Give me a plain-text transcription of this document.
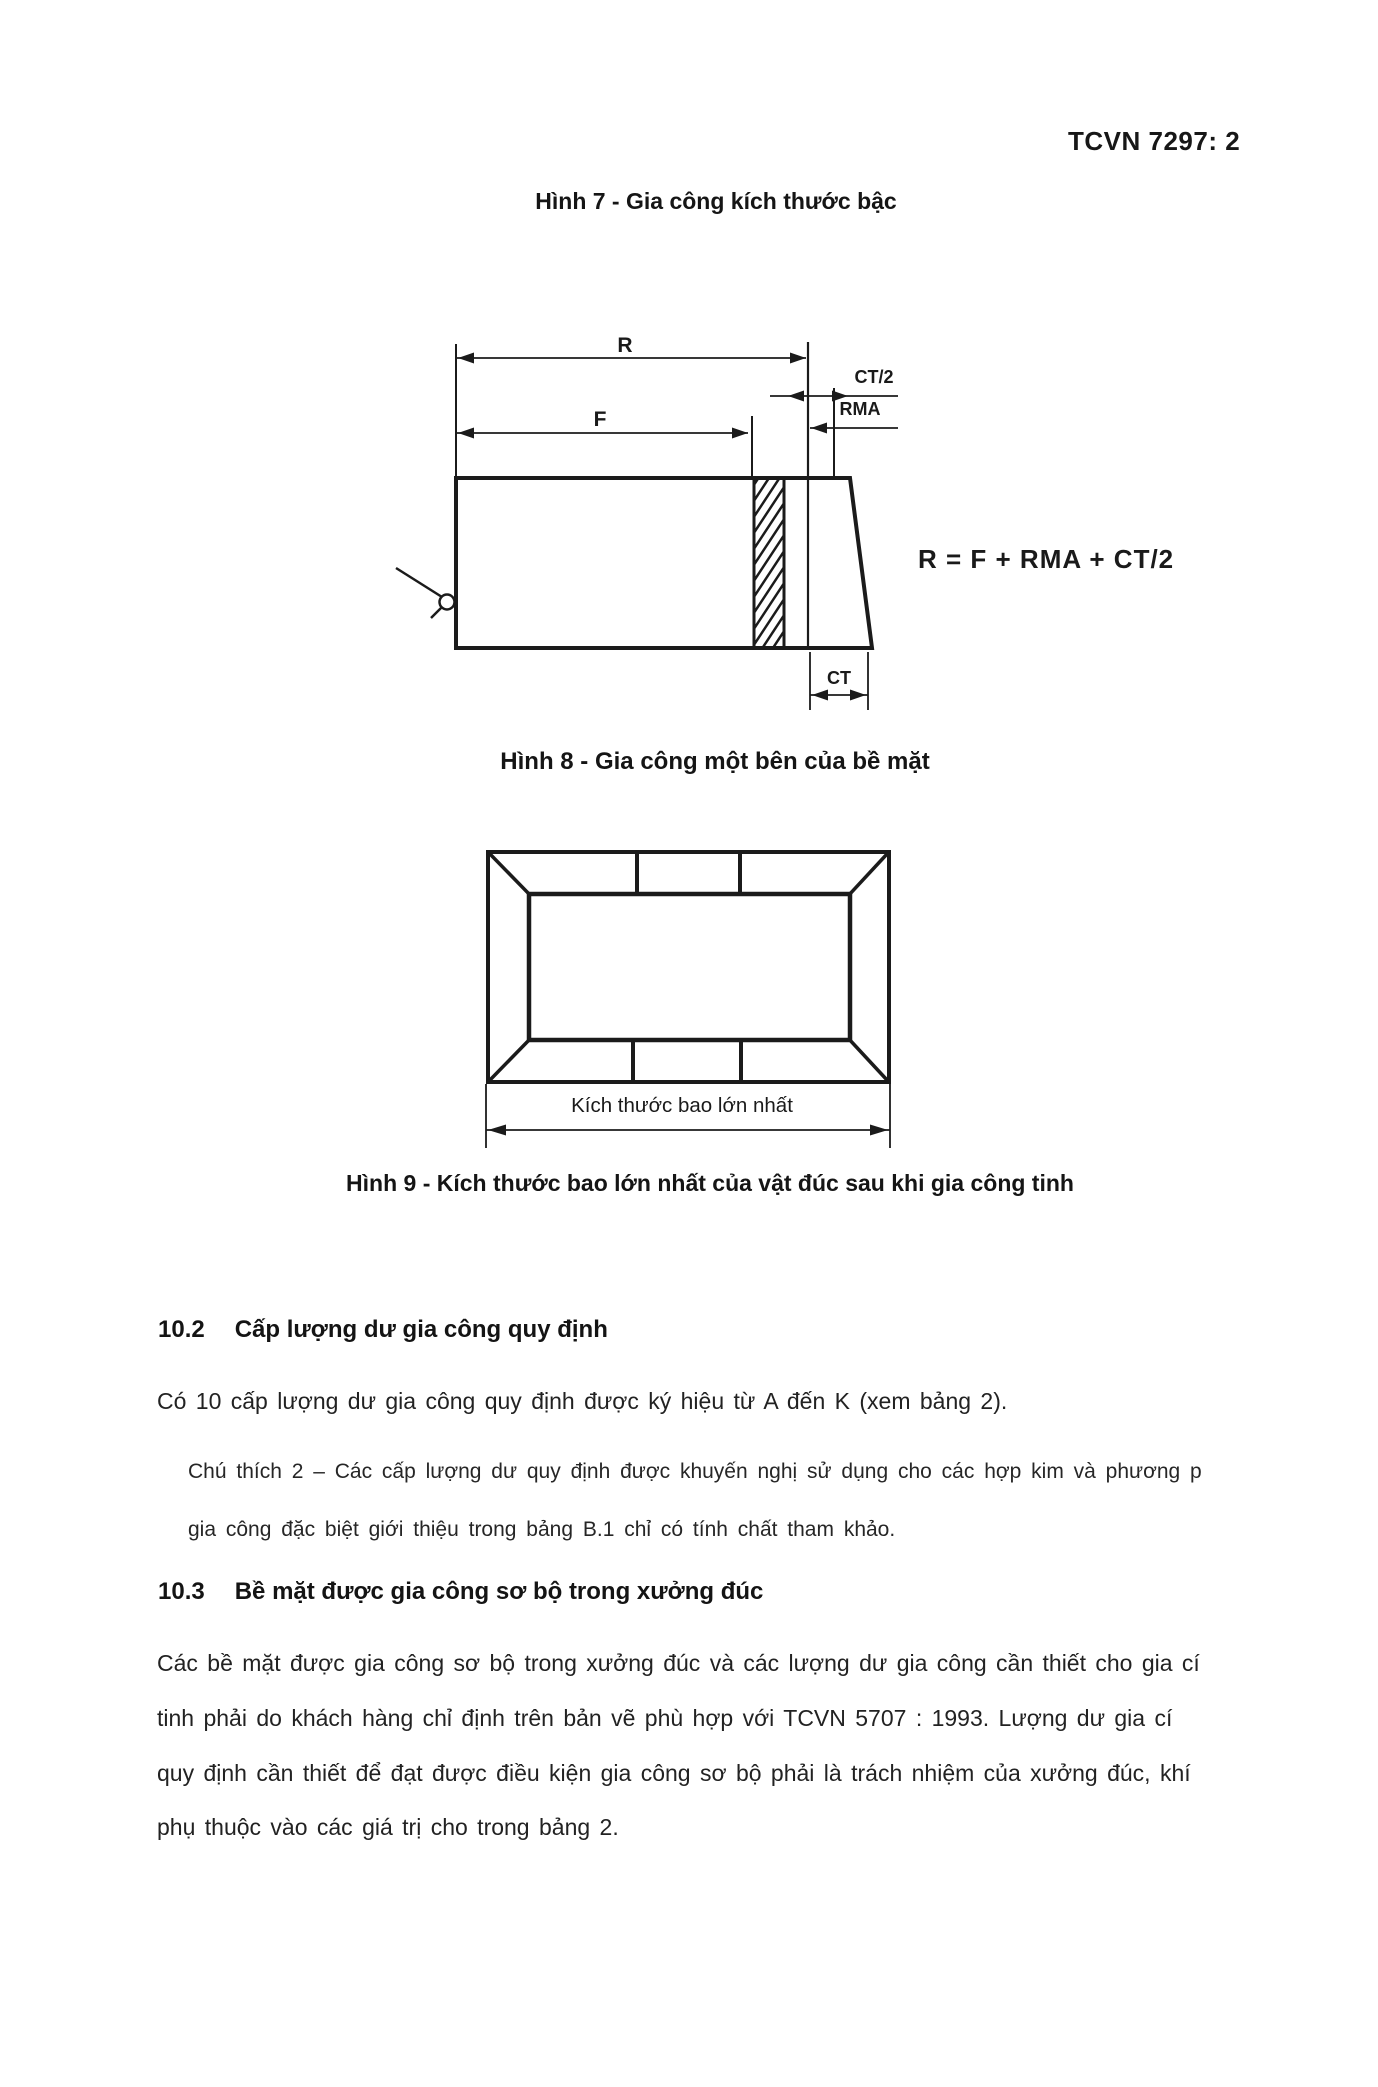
TCVN 7297: 2
Hình 7 - Gia công kích thước bậc
R
CT/2
F	RMA
CT
R = F + RMA + CT/2
Hình 8 - Gia công một bên của bề mặt
Kích thước bao lớn nhất
Hình 9 - Kích thước bao lớn nhất của vật đúc sau khi gia công tinh
10.2 Cấp lượng dư gia công quy định
Có 10 cấp lượng dư gia công quy định được ký hiệu từ A đến K (xem bảng 2).
Chú thích 2 – Các cấp lượng dư quy định được khuyến nghị sử dụng cho các hợp kim và phương p
gia công đặc biệt giới thiệu trong bảng B.1 chỉ có tính chất tham khảo.
10.3 Bề mặt được gia công sơ bộ trong xưởng đúc
Các bề mặt được gia công sơ bộ trong xưởng đúc và các lượng dư gia công cần thiết cho gia cí
tinh phải do khách hàng chỉ định trên bản vẽ phù hợp với TCVN 5707 : 1993. Lượng dư gia cí
quy định cần thiết để đạt được điều kiện gia công sơ bộ phải là trách nhiệm của xưởng đúc, khí
phụ thuộc vào các giá trị cho trong bảng 2.
